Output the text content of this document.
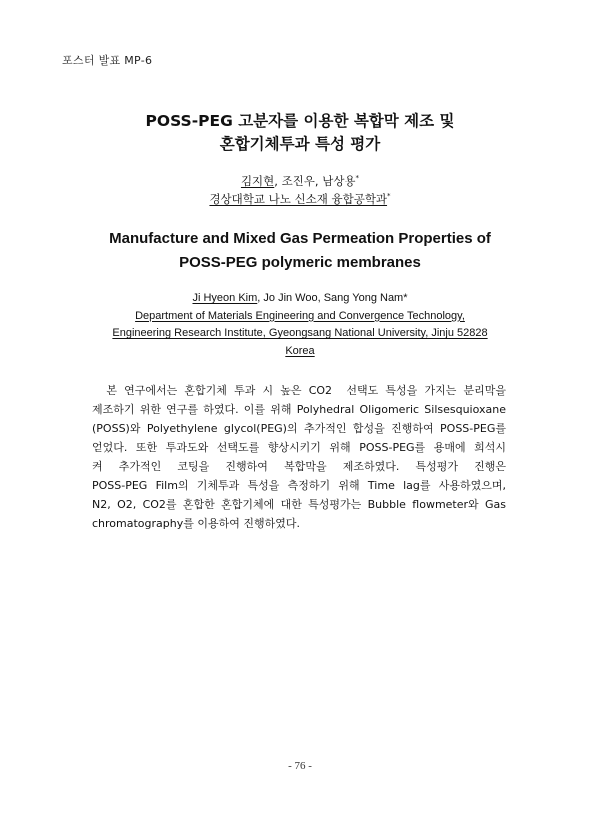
포스터 발표 MP-6
POSS-PEG 고분자를 이용한 복합막 제조 및
혼합기체투과 특성 평가
김지현, 조진우, 남상용*
경상대학교 나노 신소재 융합공학과*
Manufacture and Mixed Gas Permeation Properties of
POSS-PEG polymeric membranes
Ji Hyeon Kim, Jo Jin Woo, Sang Yong Nam*
Department of Materials Engineering and Convergence Technology,
Engineering Research Institute, Gyeongsang National University, Jinju 52828
Korea
본 연구에서는 혼합기체 투과 시 높은 CO2  선택도 특성을 가지는 분리막을
제조하기 위한 연구를 하였다. 이를 위해 Polyhedral Oligomeric Silsesquioxane
(POSS)와 Polyethylene glycol(PEG)의 추가적인 합성을 진행하여 POSS-PEG를
얻었다. 또한 투과도와 선택도를 향상시키기 위해 POSS-PEG를 용매에 희석시
켜 추가적인 코팅을 진행하여 복합막을 제조하였다. 특성평가 진행은
POSS-PEG Film의 기체투과 특성을 측정하기 위해 Time lag를 사용하였으며,
N2, O2, CO2를 혼합한 혼합기체에 대한 특성평가는 Bubble flowmeter와 Gas
chromatography를 이용하여 진행하였다.
- 76 -
